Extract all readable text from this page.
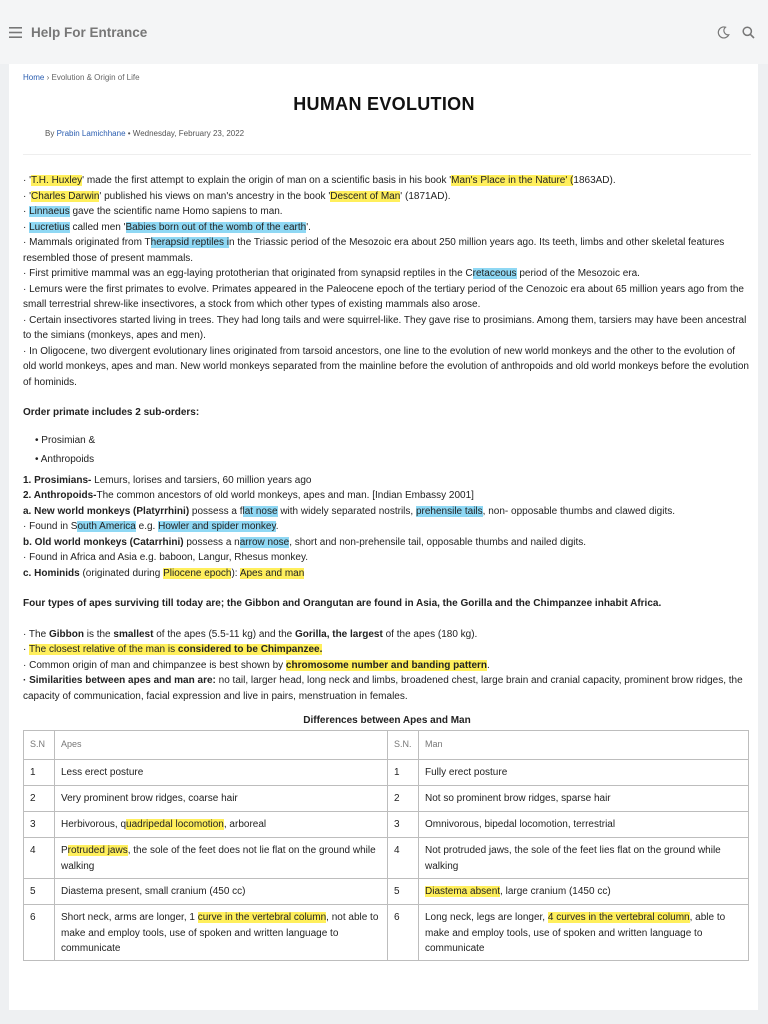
Help For Entrance
Home › Evolution & Origin of Life
HUMAN EVOLUTION
By Prabin Lamichhane • Wednesday, February 23, 2022

· 'T.H. Huxley' made the first attempt to explain the origin of man on a scientific basis in his book 'Man's Place in the Nature' (1863AD).

· 'Charles Darwin' published his views on man's ancestry in the book 'Descent of Man' (1871AD).

· Linnaeus gave the scientific name Homo sapiens to man.

· Lucretius called men 'Babies born out of the womb of the earth'.

· Mammals originated from Therapsid reptiles in the Triassic period of the Mesozoic era about 250 million years ago. Its teeth, limbs and other skeletal features resembled those of present mammals.

· First primitive mammal was an egg-laying prototherian that originated from synapsid reptiles in the Cretaceous period of the Mesozoic era.

· Lemurs were the first primates to evolve. Primates appeared in the Paleocene epoch of the tertiary period of the Cenozoic era about 65 million years ago from the small terrestrial shrew-like insectivores, a stock from which other types of existing mammals also arose.

· Certain insectivores started living in trees. They had long tails and were squirrel-like. They gave rise to prosimians. Among them, tarsiers may have been ancestral to the simians (monkeys, apes and men).

· In Oligocene, two divergent evolutionary lines originated from tarsoid ancestors, one line to the evolution of new world monkeys and the other to the evolution of old world monkeys, apes and man. New world monkeys separated from the mainline before the evolution of anthropoids and old world monkeys before the evolution of hominids.

Order primate includes 2 sub-orders:

• Prosimian &
• Anthropoids

1. Prosimians- Lemurs, lorises and tarsiers, 60 million years ago

2. Anthropoids-The common ancestors of old world monkeys, apes and man. [Indian Embassy 2001]

a. New world monkeys (Platyrrhini) possess a flat nose with widely separated nostrils, prehensile tails, non- opposable thumbs and clawed digits.

· Found in South America e.g. Howler and spider monkey.

b. Old world monkeys (Catarrhini) possess a narrow nose, short and non-prehensile tail, opposable thumbs and nailed digits.

· Found in Africa and Asia e.g. baboon, Langur, Rhesus monkey.

c. Hominids (originated during Pliocene epoch): Apes and man

Four types of apes surviving till today are; the Gibbon and Orangutan are found in Asia, the Gorilla and the Chimpanzee inhabit Africa.

· The Gibbon is the smallest of the apes (5.5-11 kg) and the Gorilla, the largest of the apes (180 kg).

· The closest relative of the man is considered to be Chimpanzee.

· Common origin of man and chimpanzee is best shown by chromosome number and banding pattern.

· Similarities between apes and man are: no tail, larger head, long neck and limbs, broadened chest, large brain and cranial capacity, prominent brow ridges, the capacity of communication, facial expression and live in pairs, menstruation in females.

Differences between Apes and Man
S.N	Apes	S.N.	Man
1	Less erect posture	1	Fully erect posture
2	Very prominent brow ridges, coarse hair	2	Not so prominent brow ridges, sparse hair
3	Herbivorous, quadripedal locomotion, arboreal	3	Omnivorous, bipedal locomotion, terrestrial
4	Protruded jaws, the sole of the feet does not lie flat on the ground while walking	4	Not protruded jaws, the sole of the feet lies flat on the ground while walking
5	Diastema present, small cranium (450 cc)	5	Diastema absent, large cranium (1450 cc)
6	Short neck, arms are longer, 1 curve in the vertebral column, not able to make and employ tools, use of spoken and written language to communicate	6	Long neck, legs are longer, 4 curves in the vertebral column, able to make and employ tools, use of spoken and written language to communicate
